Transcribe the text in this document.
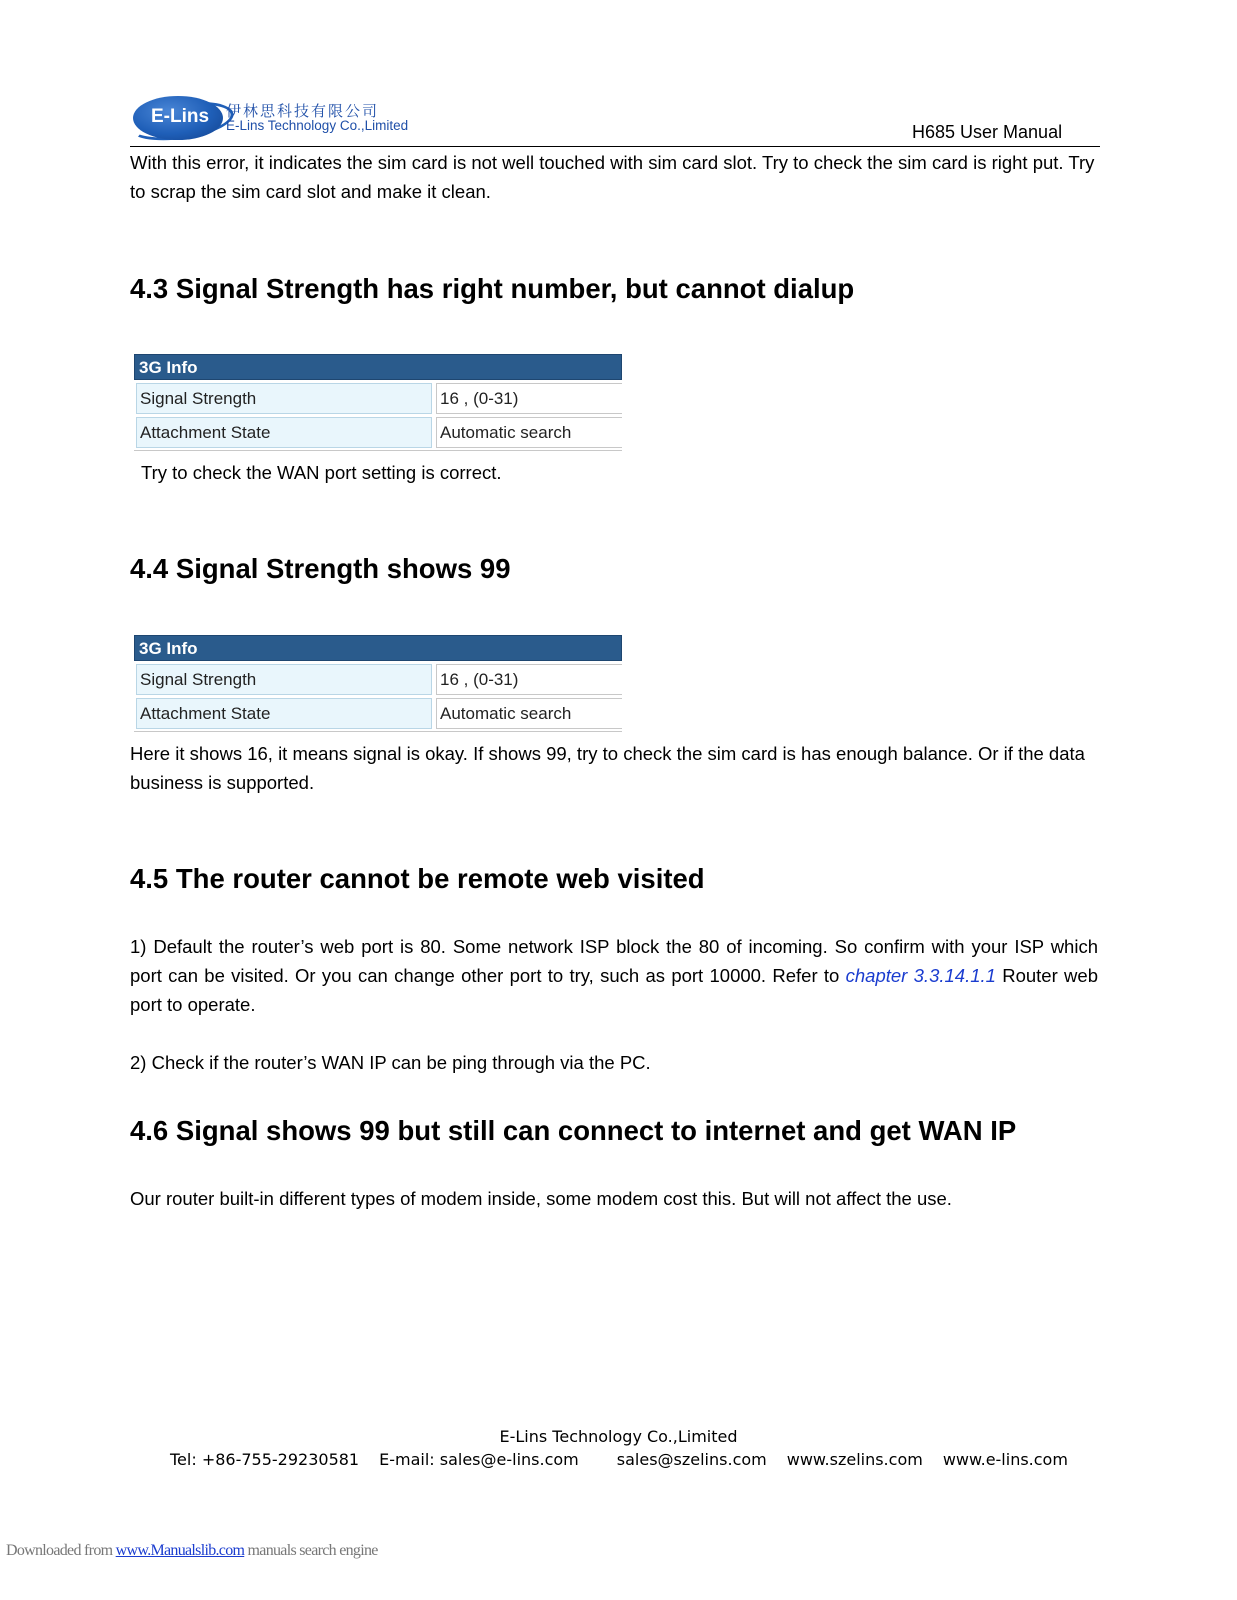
E-Lins	伊林思科技有限公司
E-Lins Technology Co.,Limited	H685 User Manual

With this error, it indicates the sim card is not well touched with sim card slot. Try to check the sim card is right put. Try to scrap the sim card slot and make it clean.

4.3 Signal Strength has right number, but cannot dialup
3G Info
Signal Strength	16 , (0-31)
Attachment State	Automatic search

Try to check the WAN port setting is correct.

4.4 Signal Strength shows 99
3G Info
Signal Strength	16 , (0-31)
Attachment State	Automatic search

Here it shows 16, it means signal is okay. If shows 99, try to check the sim card is has enough balance. Or if the data business is supported.

4.5 The router cannot be remote web visited

1) Default the router’s web port is 80. Some network ISP block the 80 of incoming. So confirm with your ISP which port can be visited. Or you can change other port to try, such as port 10000. Refer to chapter 3.3.14.1.1 Router web port to operate.

2) Check if the router’s WAN IP can be ping through via the PC.

4.6 Signal shows 99 but still can connect to internet and get WAN IP

Our router built-in different types of modem inside, some modem cost this. But will not affect the use.

E-Lins Technology Co.,Limited
Tel: +86-755-29230581 E-mail: sales@e-lins.com sales@szelins.com www.szelins.com www.e-lins.com
Downloaded from www.Manualslib.com manuals search engine
